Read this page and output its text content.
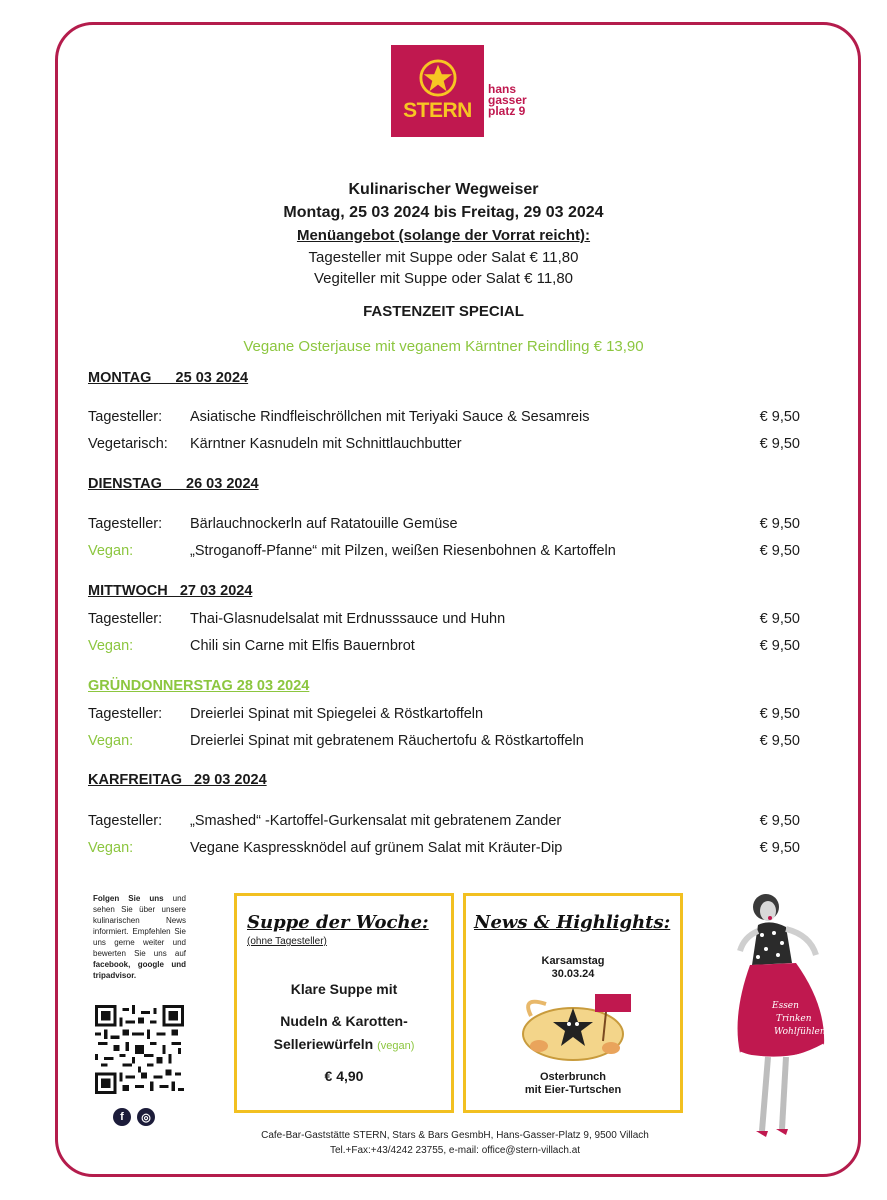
STERN
hans
gasser
platz 9
Kulinarischer Wegweiser
Montag, 25 03 2024 bis Freitag, 29 03 2024
Menüangebot (solange der Vorrat reicht):
Tagesteller mit Suppe oder Salat € 11,80
Vegiteller mit Suppe oder Salat € 11,80
FASTENZEIT SPECIAL
Vegane Osterjause mit veganem Kärntner Reindling € 13,90
MONTAG      25 03 2024
Tagesteller: Asiatische Rindfleischröllchen mit Teriyaki Sauce & Sesamreis	€ 9,50
Vegetarisch: Kärntner Kasnudeln mit Schnittlauchbutter	€ 9,50
DIENSTAG      26 03 2024
Tagesteller: Bärlauchnockerln auf Ratatouille Gemüse	€ 9,50
Vegan:	„Stroganoff-Pfanne“ mit Pilzen, weißen Riesenbohnen & Kartoffeln	€ 9,50
MITTWOCH   27 03 2024
Tagesteller: Thai-Glasnudelsalat mit Erdnusssauce und Huhn	€ 9,50
Vegan:	Chili sin Carne mit Elfis Bauernbrot	€ 9,50
GRÜNDONNERSTAG 28 03 2024
Tagesteller: Dreierlei Spinat mit Spiegelei & Röstkartoffeln	€ 9,50
Vegan:	Dreierlei Spinat mit gebratenem Räuchertofu & Röstkartoffeln	€ 9,50
KARFREITAG   29 03 2024
Tagesteller: „Smashed“ -Kartoffel-Gurkensalat mit gebratenem Zander	€ 9,50
Vegan:	Vegane Kaspressknödel auf grünem Salat mit Kräuter-Dip	€ 9,50
Folgen Sie uns und sehen Sie über unsere kulinarischen News informiert. Empfehlen Sie uns gerne weiter und bewerten Sie uns auf facebook, google und tripadvisor.
f	◎
Suppe der Woche:
(ohne Tagesteller)
Klare Suppe mit
Nudeln & Karotten-
Selleriewürfeln (vegan)
€ 4,90
News & Highlights:
Karsamstag
30.03.24
Osterbrunch
mit Eier-Turtschen
Essen
Trinken
Wohlfühlen
Cafe-Bar-Gaststätte STERN, Stars & Bars GesmbH, Hans-Gasser-Platz 9, 9500 Villach
Tel.+Fax:+43/4242 23755, e-mail: office@stern-villach.at
